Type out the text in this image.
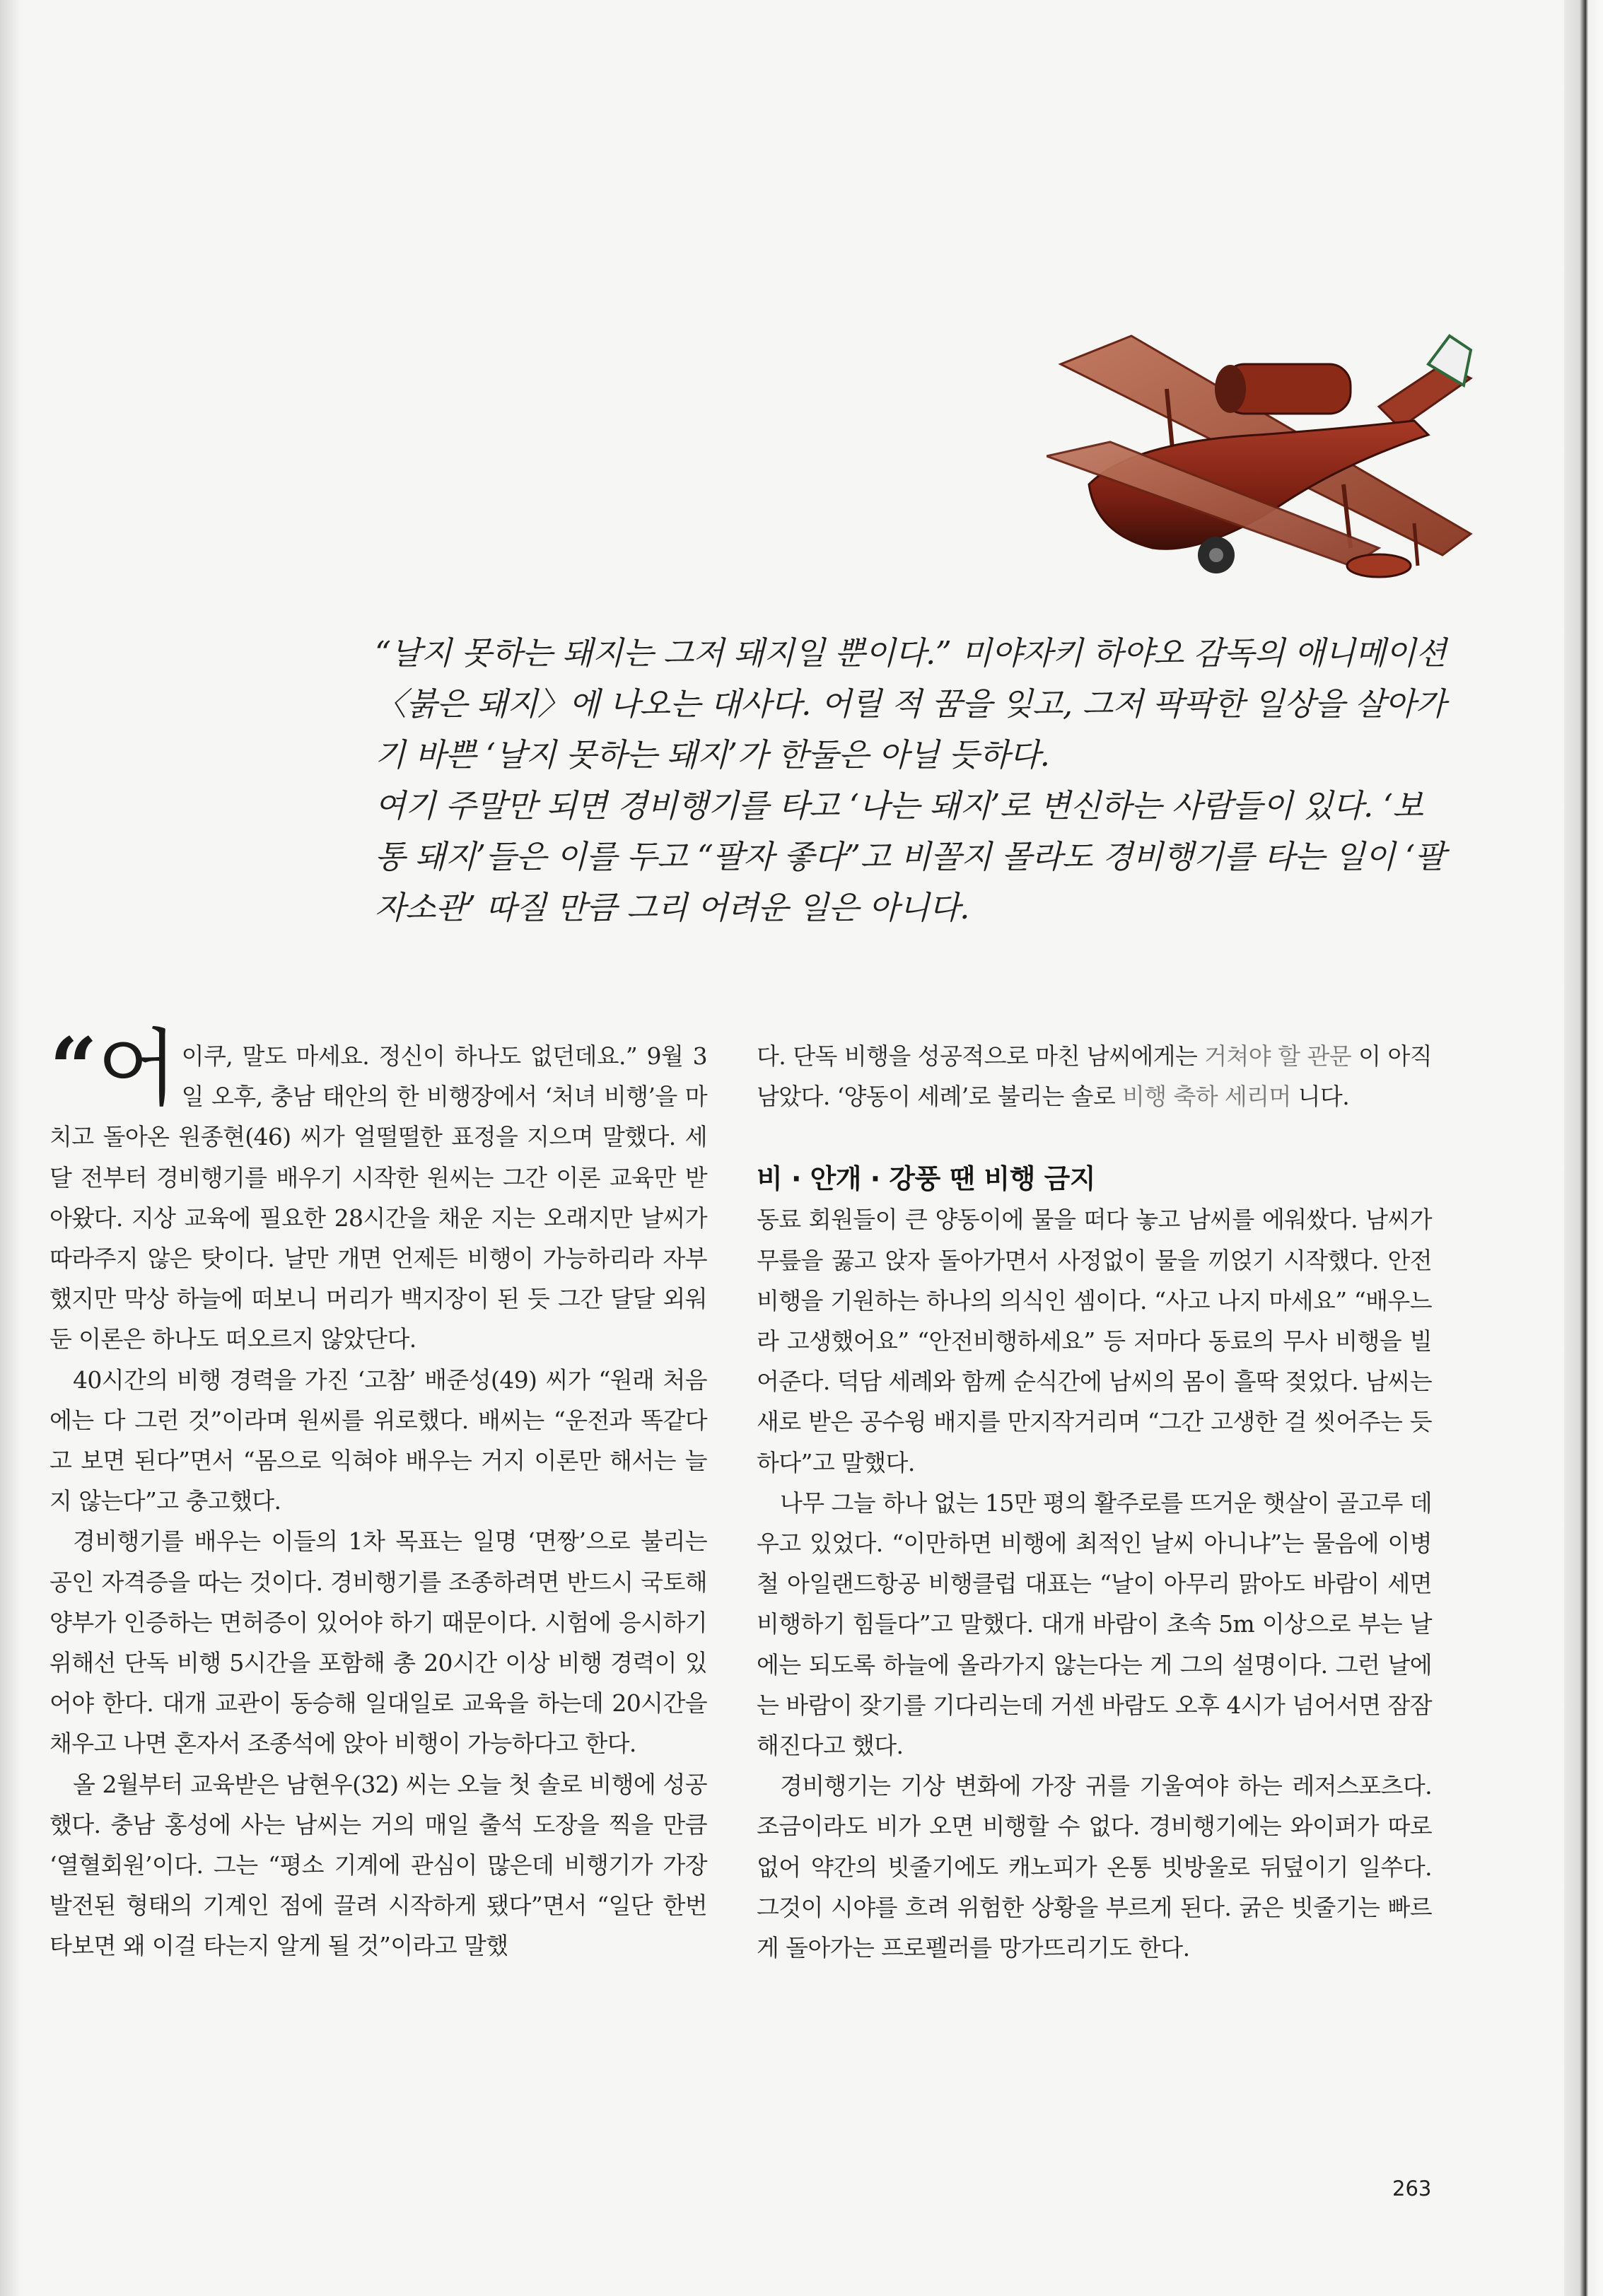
“날지 못하는 돼지는 그저 돼지일 뿐이다.” 미야자키 하야오 감독의 애니메이션 〈붉은 돼지〉에 나오는 대사다. 어릴 적 꿈을 잊고, 그저 팍팍한 일상을 살아가기 바쁜 ‘날지 못하는 돼지’가 한둘은 아닐 듯하다.

여기 주말만 되면 경비행기를 타고 ‘나는 돼지’로 변신하는 사람들이 있다. ‘보통 돼지’들은 이를 두고 “팔자 좋다”고 비꼴지 몰라도 경비행기를 타는 일이 ‘팔자소관’ 따질 만큼 그리 어려운 일은 아니다.

“어 이쿠, 말도 마세요. 정신이 하나도 없던데요.” 9월 3일 오후, 충남 태안의 한 비행장에서 ‘처녀 비행’을 마치고 돌아온 원종현(46) 씨가 얼떨떨한 표정을 지으며 말했다. 세 달 전부터 경비행기를 배우기 시작한 원씨는 그간 이론 교육만 받아왔다. 지상 교육에 필요한 28시간을 채운 지는 오래지만 날씨가 따라주지 않은 탓이다. 날만 개면 언제든 비행이 가능하리라 자부했지만 막상 하늘에 떠보니 머리가 백지장이 된 듯 그간 달달 외워둔 이론은 하나도 떠오르지 않았단다.

40시간의 비행 경력을 가진 ‘고참’ 배준성(49) 씨가 “원래 처음에는 다 그런 것”이라며 원씨를 위로했다. 배씨는 “운전과 똑같다고 보면 된다”면서 “몸으로 익혀야 배우는 거지 이론만 해서는 늘지 않는다”고 충고했다.

경비행기를 배우는 이들의 1차 목표는 일명 ‘면짱’으로 불리는 공인 자격증을 따는 것이다. 경비행기를 조종하려면 반드시 국토해양부가 인증하는 면허증이 있어야 하기 때문이다. 시험에 응시하기 위해선 단독 비행 5시간을 포함해 총 20시간 이상 비행 경력이 있어야 한다. 대개 교관이 동승해 일대일로 교육을 하는데 20시간을 채우고 나면 혼자서 조종석에 앉아 비행이 가능하다고 한다.

올 2월부터 교육받은 남현우(32) 씨는 오늘 첫 솔로 비행에 성공했다. 충남 홍성에 사는 남씨는 거의 매일 출석 도장을 찍을 만큼 ‘열혈회원’이다. 그는 “평소 기계에 관심이 많은데 비행기가 가장 발전된 형태의 기계인 점에 끌려 시작하게 됐다”면서 “일단 한번 타보면 왜 이걸 타는지 알게 될 것”이라고 말했

다. 단독 비행을 성공적으로 마친 남씨에게는 거쳐야 할 관문 이 아직 남았다. ‘양동이 세례’로 불리는 솔로 비행 축하 세리머 니다.

비 · 안개 · 강풍 땐 비행 금지

동료 회원들이 큰 양동이에 물을 떠다 놓고 남씨를 에워쌌다. 남씨가 무릎을 꿇고 앉자 돌아가면서 사정없이 물을 끼얹기 시작했다. 안전비행을 기원하는 하나의 의식인 셈이다. “사고 나지 마세요” “배우느라 고생했어요” “안전비행하세요” 등 저마다 동료의 무사 비행을 빌어준다. 덕담 세례와 함께 순식간에 남씨의 몸이 흘딱 젖었다. 남씨는 새로 받은 공수윙 배지를 만지작거리며 “그간 고생한 걸 씻어주는 듯하다”고 말했다.

나무 그늘 하나 없는 15만 평의 활주로를 뜨거운 햇살이 골고루 데우고 있었다. “이만하면 비행에 최적인 날씨 아니냐”는 물음에 이병철 아일랜드항공 비행클럽 대표는 “날이 아무리 맑아도 바람이 세면 비행하기 힘들다”고 말했다. 대개 바람이 초속 5m 이상으로 부는 날에는 되도록 하늘에 올라가지 않는다는 게 그의 설명이다. 그런 날에는 바람이 잦기를 기다리는데 거센 바람도 오후 4시가 넘어서면 잠잠해진다고 했다.

경비행기는 기상 변화에 가장 귀를 기울여야 하는 레저스포츠다. 조금이라도 비가 오면 비행할 수 없다. 경비행기에는 와이퍼가 따로 없어 약간의 빗줄기에도 캐노피가 온통 빗방울로 뒤덮이기 일쑤다. 그것이 시야를 흐려 위험한 상황을 부르게 된다. 굵은 빗줄기는 빠르게 돌아가는 프로펠러를 망가뜨리기도 한다.

263
